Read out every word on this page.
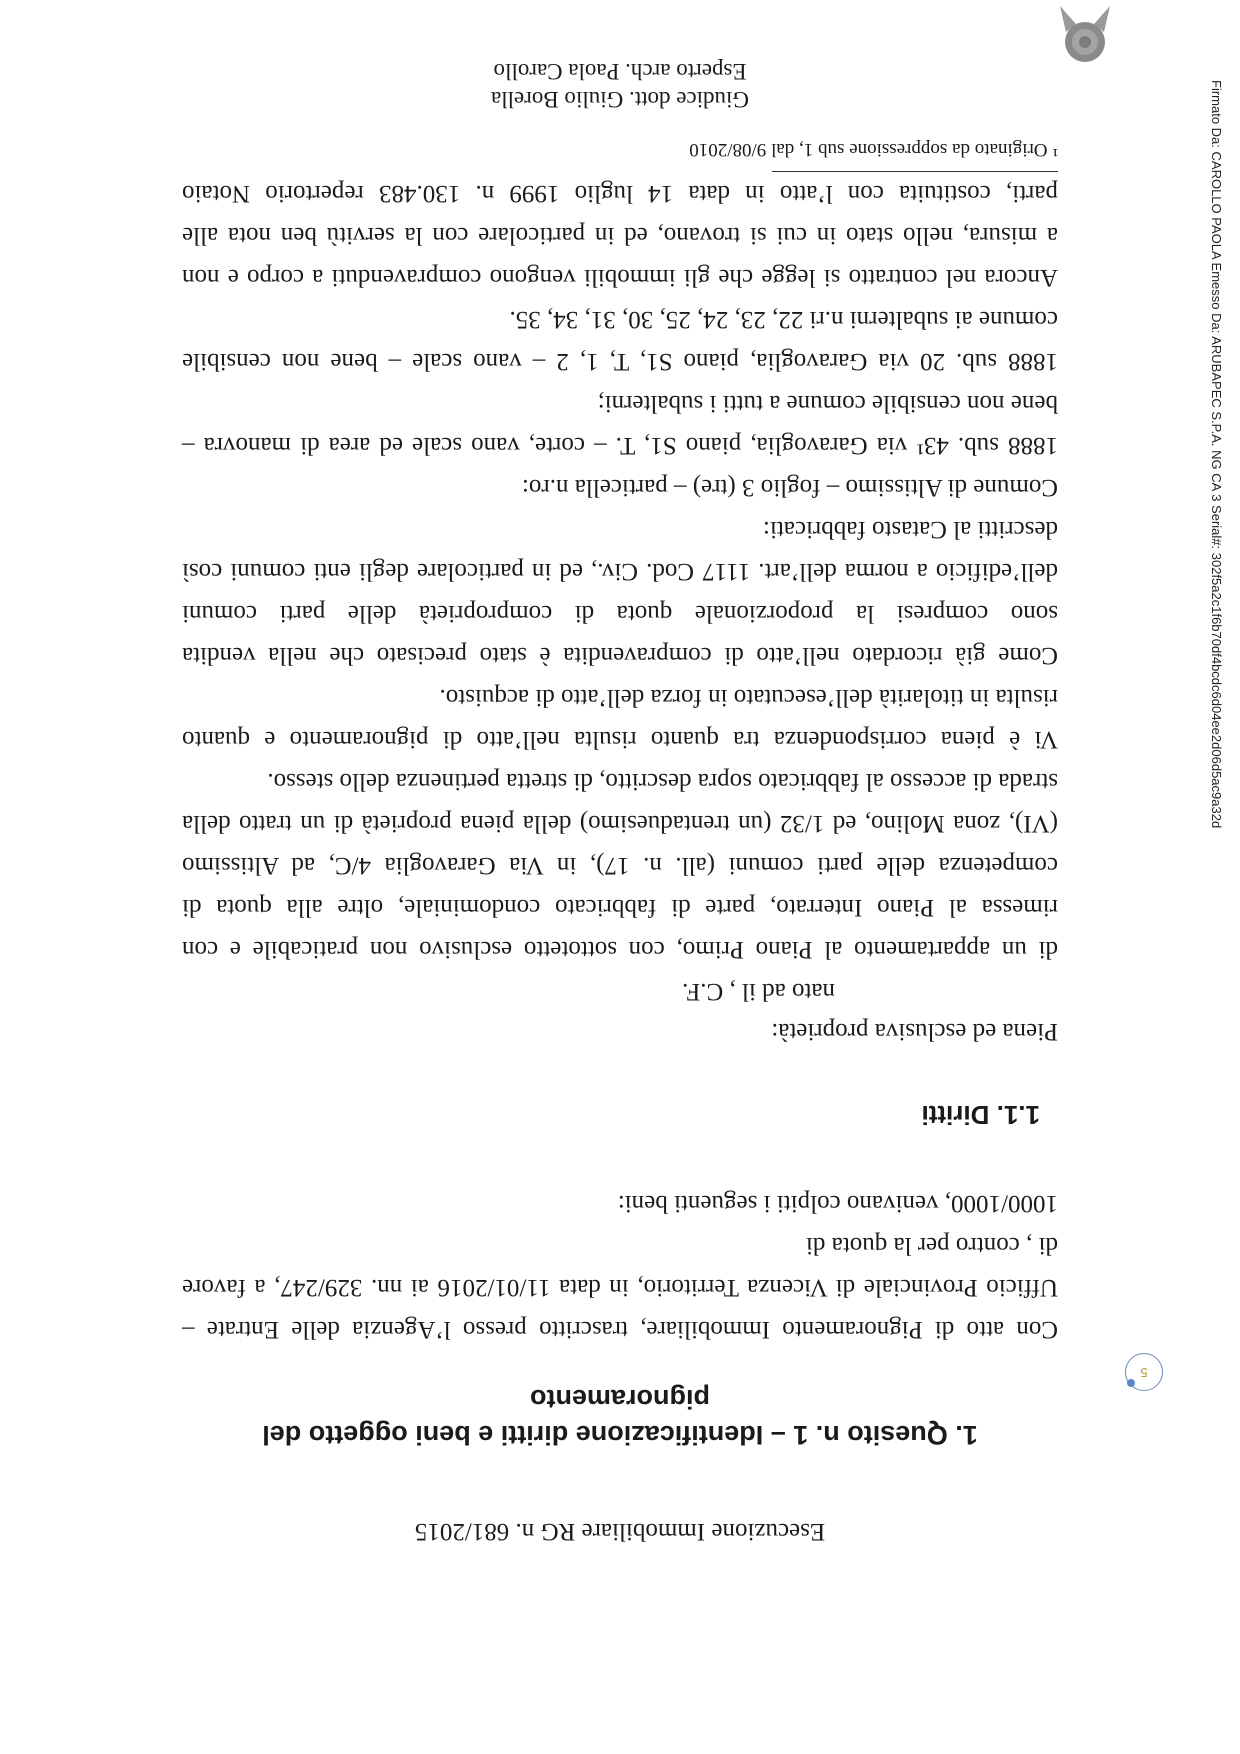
Esecuzione Immobiliare RG n. 681/2015
1. Quesito n. 1 – Identificazione diritti e beni oggetto del
pignoramento
Con atto di Pignoramento Immobiliare, trascritto presso l’Agenzia delle Entrate –
Ufficio Provinciale di Vicenza Territorio, in data 11/01/2016 ai nn. 329/247, a favore
di , contro per la quota di
1000/1000, venivano colpiti i seguenti beni:
1.1. Diritti
Piena ed esclusiva proprietà:
nato ad il , C.F.
di un appartamento al Piano Primo, con sottotetto esclusivo non praticabile e con
rimessa al Piano Interrato, parte di fabbricato condominiale, oltre alla quota di
competenza delle parti comuni (all. n. 17), in Via Garavoglia 4/C, ad Altissimo
(VI), zona Molino, ed 1/32 (un trentaduesimo) della piena proprietà di un tratto della
strada di accesso al fabbricato sopra descritto, di stretta pertinenza dello stesso.
Vi è piena corrispondenza tra quanto risulta nell’atto di pignoramento e quanto
risulta in titolarità dell’esecutato in forza dell’atto di acquisto.
Come già ricordato nell’atto di compravendita è stato precisato che nella vendita
sono compresi la proporzionale quota di comproprietà delle parti comuni
dell’edificio a norma dell’art. 1117 Cod. Civ., ed in particolare degli enti comuni così
descritti al Catasto fabbricati:
Comune di Altissimo – foglio 3 (tre) – particella n.ro:
1888 sub. 43¹ via Garavoglia, piano S1, T. – corte, vano scale ed area di manovra –
bene non censibile comune a tutti i subalterni;
1888 sub. 20 via Garavoglia, piano S1, T, 1, 2 – vano scale – bene non censibile
comune ai subalterni n.ri 22, 23, 24, 25, 30, 31, 34, 35.
Ancora nel contratto si legge che gli immobili vengono compravenduti a corpo e non
a misura, nello stato in cui si trovano, ed in particolare con la servitù ben nota alle
parti, costituita con l’atto in data 14 luglio 1999 n. 130.483 repertorio Notaio
¹ Originato da soppressione sub 1, dal 9/08/2010
Giudice dott. Giulio Borella
Esperto arch. Paola Carollo
Firmato Da: CAROLLO PAOLA Emesso Da: ARUBAPEC S.P.A. NG CA 3 Serial#: 302f5a2c1f6b70df4bcdc6d04ee2d06d5ac9a32d
5
